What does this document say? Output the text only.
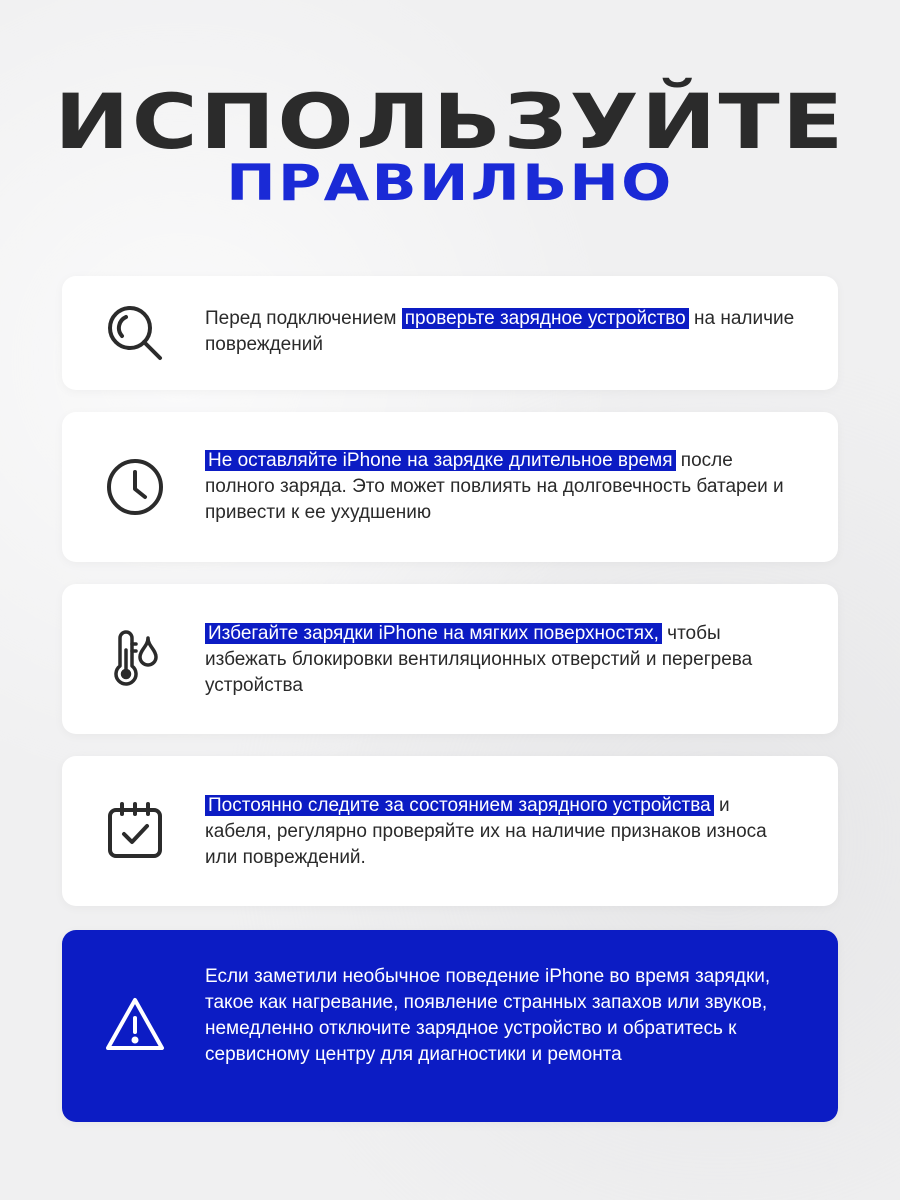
ИСПОЛЬЗУЙТЕ
ПРАВИЛЬНО
Перед подключением проверьте зарядное устройство на наличие повреждений
Не оставляйте iPhone на зарядке длительное время после полного заряда. Это может повлиять на долговечность батареи и привести к ее ухудшению
Избегайте зарядки iPhone на мягких поверхностях, чтобы избежать блокировки вентиляционных отверстий и перегрева устройства
Постоянно следите за состоянием зарядного устройства и кабеля, регулярно проверяйте их на наличие признаков износа или повреждений.
Если заметили необычное поведение iPhone во время зарядки, такое как нагревание, появление странных запахов или звуков, немедленно отключите зарядное устройство и обратитесь к сервисному центру для диагностики и ремонта
